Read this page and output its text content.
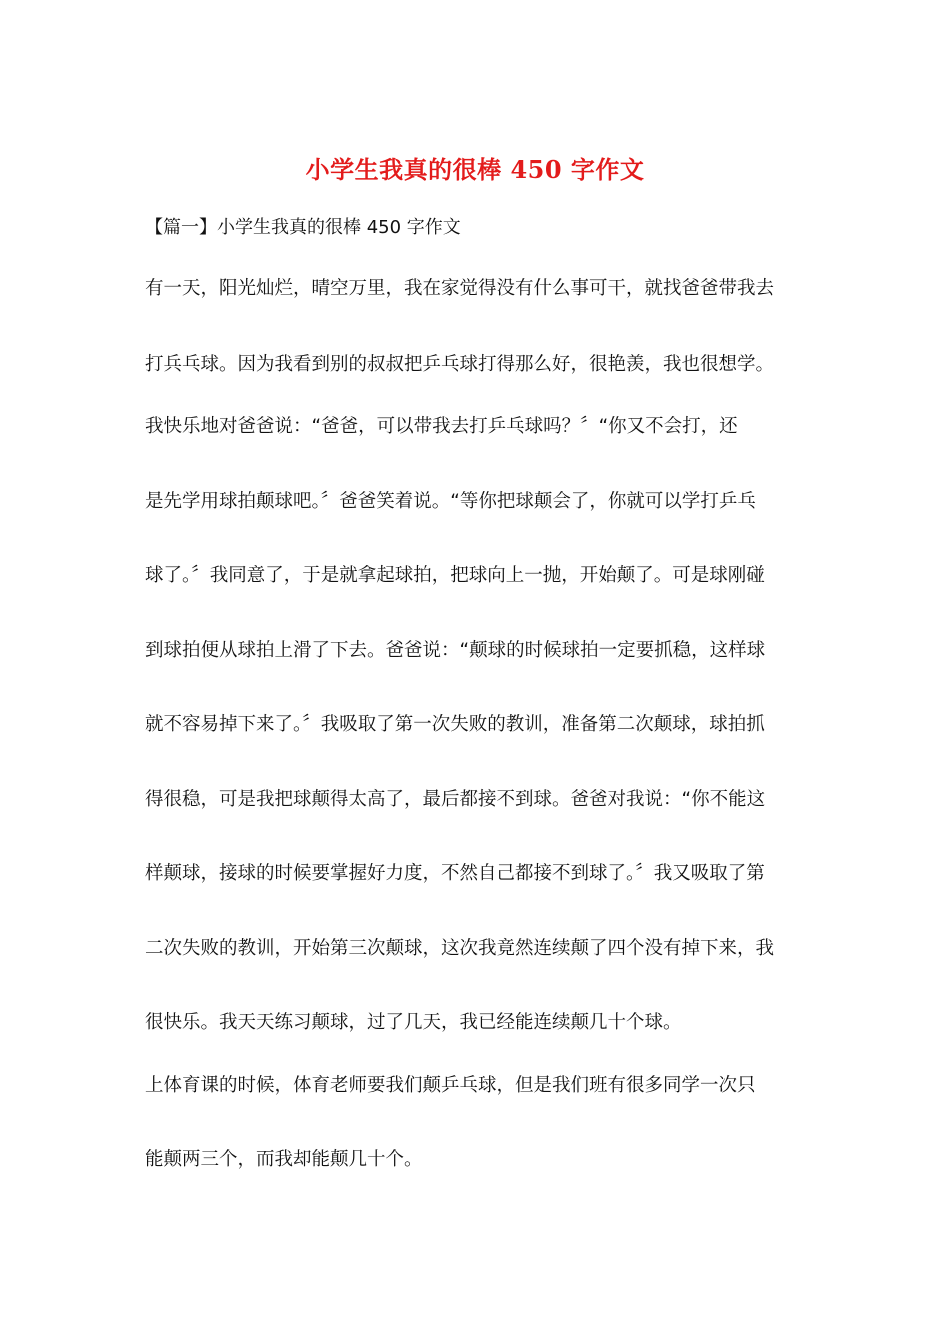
小学生我真的很棒 450 字作文
【篇一】小学生我真的很棒 450 字作文
有一天，阳光灿烂，晴空万里，我在家觉得没有什么事可干，就找爸爸带我去
打兵乓球。因为我看到别的叔叔把乒乓球打得那么好，很艳羡，我也很想学。
我快乐地对爸爸说：“爸爸，可以带我去打乒乓球吗？〞“你又不会打，还
是先学用球拍颠球吧。〞爸爸笑着说。“等你把球颠会了，你就可以学打乒乓
球了。〞我同意了，于是就拿起球拍，把球向上一抛，开始颠了。可是球刚碰
到球拍便从球拍上滑了下去。爸爸说：“颠球的时候球拍一定要抓稳，这样球
就不容易掉下来了。〞我吸取了第一次失败的教训，准备第二次颠球，球拍抓
得很稳，可是我把球颠得太高了，最后都接不到球。爸爸对我说：“你不能这
样颠球，接球的时候要掌握好力度，不然自己都接不到球了。〞我又吸取了第
二次失败的教训，开始第三次颠球，这次我竟然连续颠了四个没有掉下来，我
很快乐。我天天练习颠球，过了几天，我已经能连续颠几十个球。
上体育课的时候，体育老师要我们颠乒乓球，但是我们班有很多同学一次只
能颠两三个，而我却能颠几十个。
